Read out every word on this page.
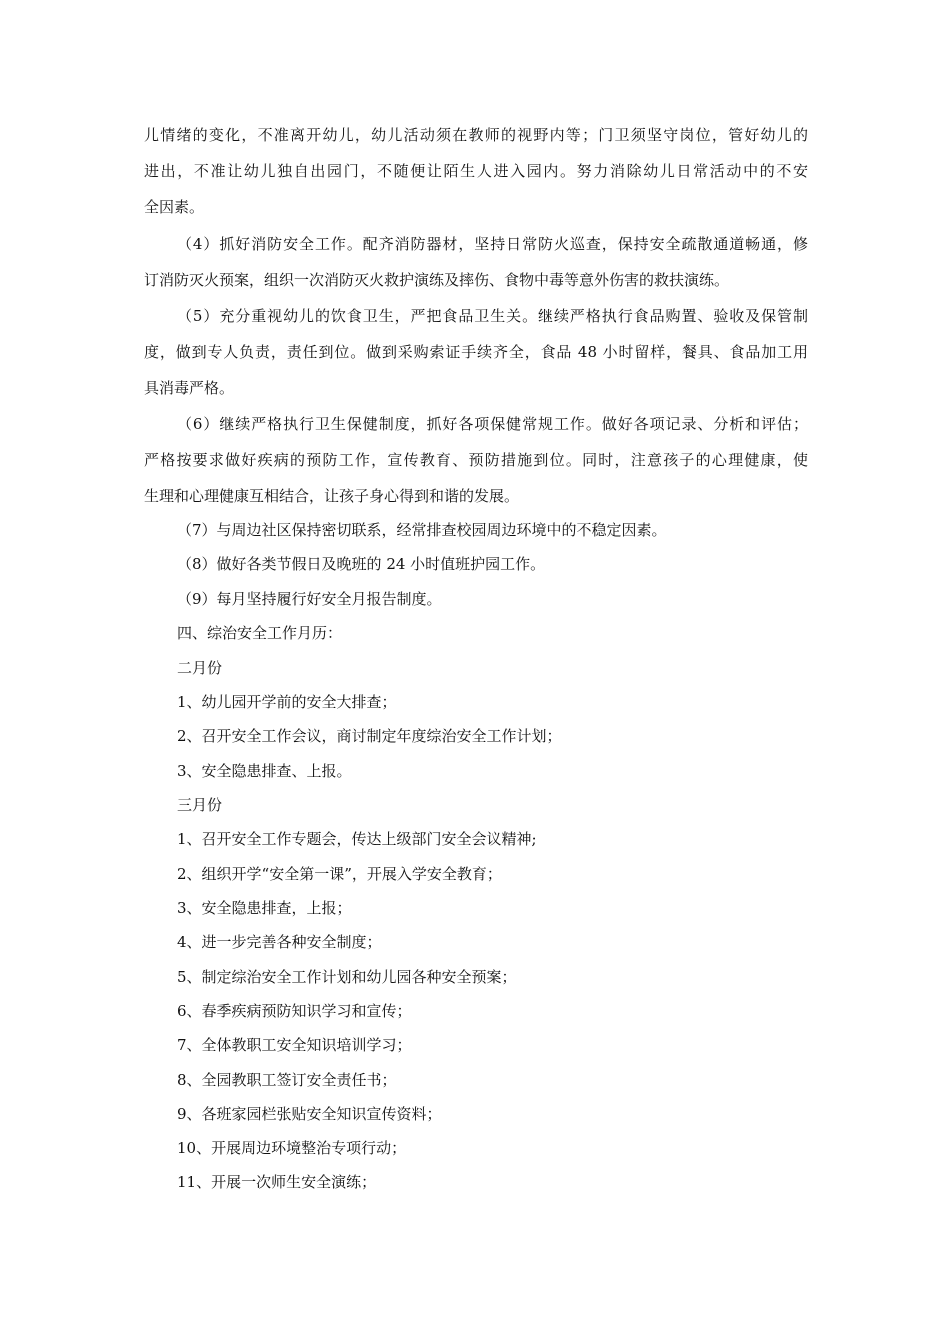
儿情绪的变化，不准离开幼儿，幼儿活动须在教师的视野内等；门卫须坚守岗位，管好幼儿的
进出，不准让幼儿独自出园门，不随便让陌生人进入园内。努力消除幼儿日常活动中的不安
全因素。
（4）抓好消防安全工作。配齐消防器材，坚持日常防火巡查，保持安全疏散通道畅通，修
订消防灭火预案，组织一次消防灭火救护演练及摔伤、食物中毒等意外伤害的救扶演练。
（5）充分重视幼儿的饮食卫生，严把食品卫生关。继续严格执行食品购置、验收及保管制
度，做到专人负责，责任到位。做到采购索证手续齐全，食品 48 小时留样，餐具、食品加工用
具消毒严格。
（6）继续严格执行卫生保健制度，抓好各项保健常规工作。做好各项记录、分析和评估；
严格按要求做好疾病的预防工作，宣传教育、预防措施到位。同时，注意孩子的心理健康，使
生理和心理健康互相结合，让孩子身心得到和谐的发展。

（7）与周边社区保持密切联系，经常排查校园周边环境中的不稳定因素。

（8）做好各类节假日及晚班的 24 小时值班护园工作。

（9）每月坚持履行好安全月报告制度。

四、综治安全工作月历：

二月份

1、幼儿园开学前的安全大排查；

2、召开安全工作会议，商讨制定年度综治安全工作计划；

3、安全隐患排查、上报。

三月份

1、召开安全工作专题会，传达上级部门安全会议精神;

2、组织开学“安全第一课”，开展入学安全教育；

3、安全隐患排查，上报；

4、进一步完善各种安全制度；

5、制定综治安全工作计划和幼儿园各种安全预案；

6、春季疾病预防知识学习和宣传；

7、全体教职工安全知识培训学习；

8、全园教职工签订安全责任书；

9、各班家园栏张贴安全知识宣传资料；

10、开展周边环境整治专项行动；

11、开展一次师生安全演练；
